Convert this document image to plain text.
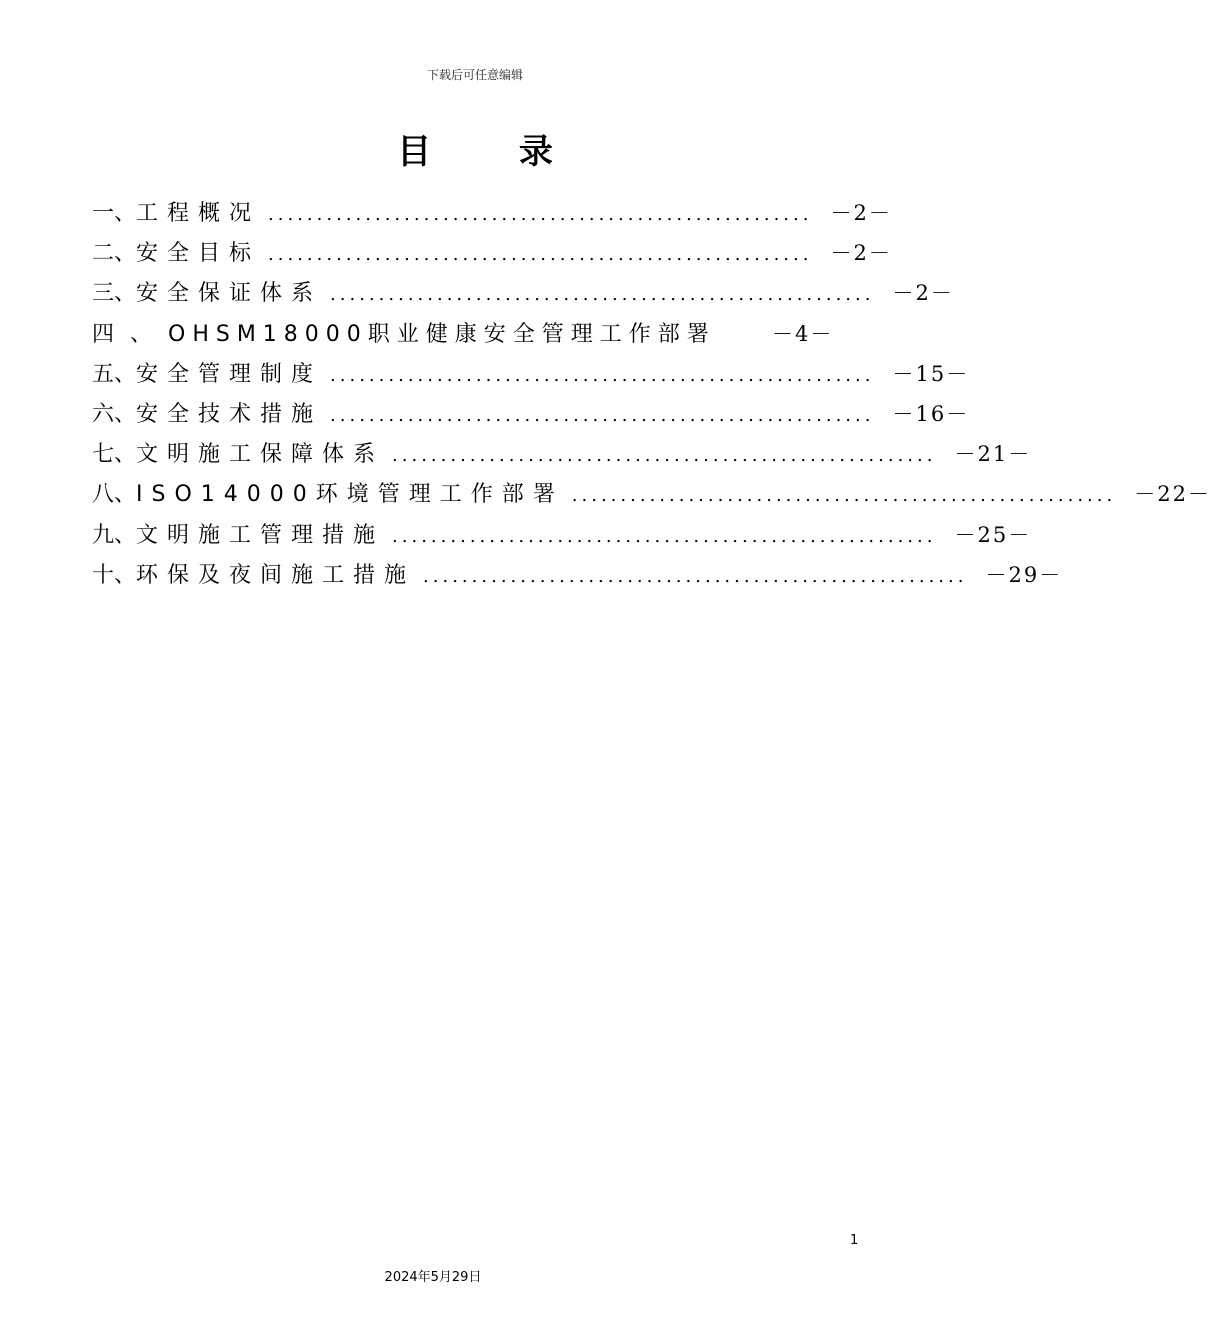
下载后可任意编辑
目 录
一 、 工程概况 ........................................................ －2－
二 、 安全目标 ........................................................ －2－
三 、 安全保证体系 ........................................................ －2－
四 、 OHSM18000职业健康安全管理工作部署	－4－
五 、 安全管理制度 ........................................................ －15－
六 、 安全技术措施 ........................................................ －16－
七 、 文明施工保障体系 ........................................................ －21－
八 、 ISO14000环境管理工作部署 ........................................................ －22－
九 、 文明施工管理措施 ........................................................ －25－
十 、 环保及夜间施工措施 ........................................................ －29－
1
2024年5月29日
